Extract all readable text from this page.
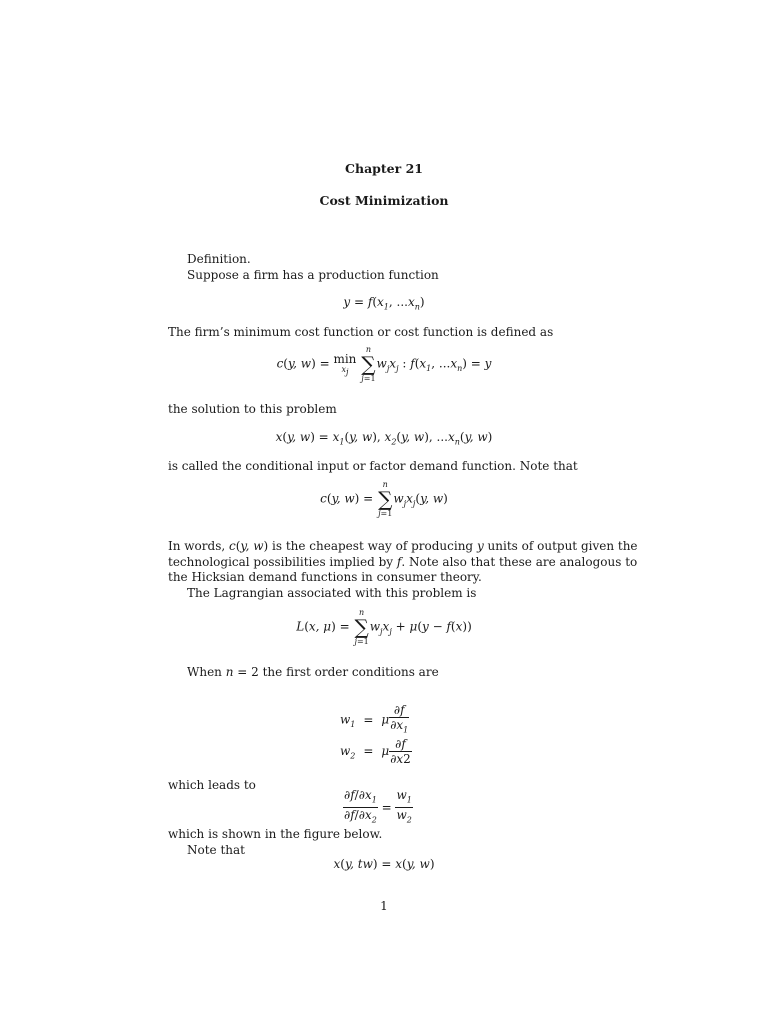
Chapter 21
Cost Minimization
Definition.
Suppose a firm has a production function
$y = f(x_1$, $...x_n$)
The firm’s minimum cost function or cost function is defined as
c(y, w) = min
$x_j$

n
∑
j=1
$w_jx_j$ : $f(x_1$, $...x_n) = y$
the solution to this problem
x(y, $w) = x_1(y$, w), $x_2(y$, w), $...x_n(y$, w)
is called the conditional input or factor demand function. Note that
c(y, w) =
n
∑
j=1
$w_jx_j(y$, w)
In words, c(y, w) is the cheapest way of producing y units of output given the
technological possibilities implied by f. Note also that these are analogous to
the Hicksian demand functions in consumer theory.
The Lagrangian associated with this problem is
L(x, μ) =
n
∑
j=1
$w_jx_j + \mu(y - f(x))$
When n = 2 the first order conditions are
$w_1 = \mu \frac{\partial f}{\partial x_1}$
$w_2 = \mu \frac{\partial f}{\partial x2}$
which leads to
$\frac{\partial f/\partial x_1}{\partial f/\partial x_2} = \frac{w_1}{w_2}$
which is shown in the figure below.
Note that
x(y, tw) = x(y, w)
1
